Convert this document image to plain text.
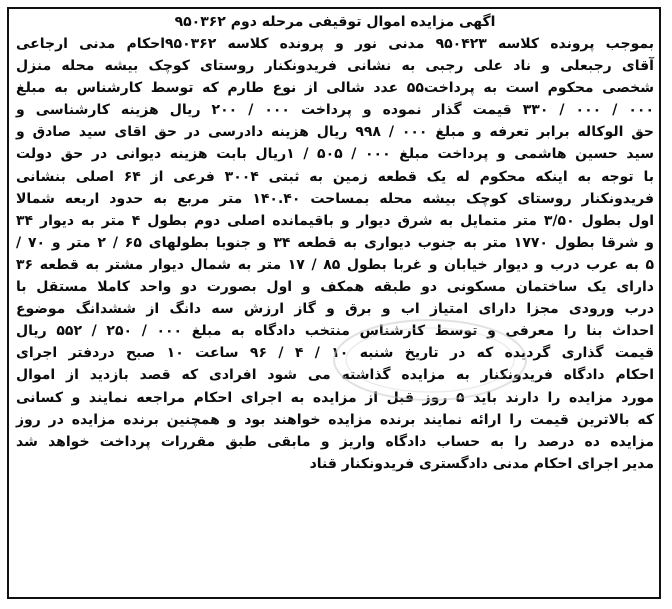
اگهی مزایده اموال توقیفی مرحله دوم ۹۵۰۳۶۲
بموجب پرونده کلاسه ۹۵۰۴۲۳ مدنی نور و پرونده کلاسه ۹۵۰۳۶۲احکام مدنی ارجاعی
آقای رجبعلی و ناد علی رجبی به نشانی فریدونکنار روستای کوچک بیشه محله منزل
شخصی محکوم است به پرداخت۵۵ عدد شالی از نوع طارم که توسط کارشناس به مبلغ
۰۰۰ / ۰۰۰ / ۳۳۰ قیمت گذار نموده و پرداخت ۰۰۰ / ۲۰۰ ریال هزینه کارشناسی و
حق الوکاله برابر تعرفه و مبلغ ۰۰۰ / ۹۹۸ ریال هزینه دادرسی در حق اقای سید صادق و
سید حسین هاشمی و پرداخت مبلغ ۰۰۰ / ۵۰۵ / ۱ریال بابت هزینه دیوانی در حق دولت
با توجه به اینکه محکوم له یک قطعه زمین به ثبتی ۳۰۰۴ فرعی از ۶۴ اصلی بنشانی
فریدونکنار روستای کوچک بیشه محله بمساحت ۱۴۰.۴۰ متر مربع به حدود اربعه شمالا
اول بطول ۳/۵۰ متر متمایل به شرق دیوار و باقیمانده اصلی دوم بطول ۴ متر به دیوار ۳۴
و شرقا بطول ۱۷۷۰ متر به جنوب دیواری به قطعه ۳۴ و جنوبا بطولهای ۶۵ / ۲ متر و ۷۰ /
۵ به عرب درب و دیوار خیابان و غربا بطول ۸۵ / ۱۷ متر به شمال دیوار مشتر به قطعه ۳۶
دارای یک ساختمان مسکونی دو طبقه همکف و اول بصورت دو واحد کاملا مستقل با
درب ورودی مجزا دارای امتیاز اب و برق و گاز ارزش سه دانگ از ششدانگ موضوع
احداث بنا را معرفی و توسط کارشناس منتخب دادگاه به مبلغ ۰۰۰ / ۲۵۰ / ۵۵۲ ریال
قیمت گذاری گردیده که در تاریخ شنبه ۱۰ / ۴ / ۹۶ ساعت ۱۰ صبح دردفتر اجرای
احکام دادگاه فریدونکنار به مزایده گذاشته می شود افرادی که قصد بازدید از اموال
مورد مزایده را دارند باید ۵ روز قبل از مزایده به اجرای احکام مراجعه نمایند و کسانی
که بالاترین قیمت را ارائه نمایند برنده مزایده خواهند بود و همچنین برنده مزایده در روز
مزایده ده درصد را به حساب دادگاه واریز و مابقی طبق مقررات پرداخت خواهد شد
مدیر اجرای احکام مدنی دادگستری فریدونکنار قناد
